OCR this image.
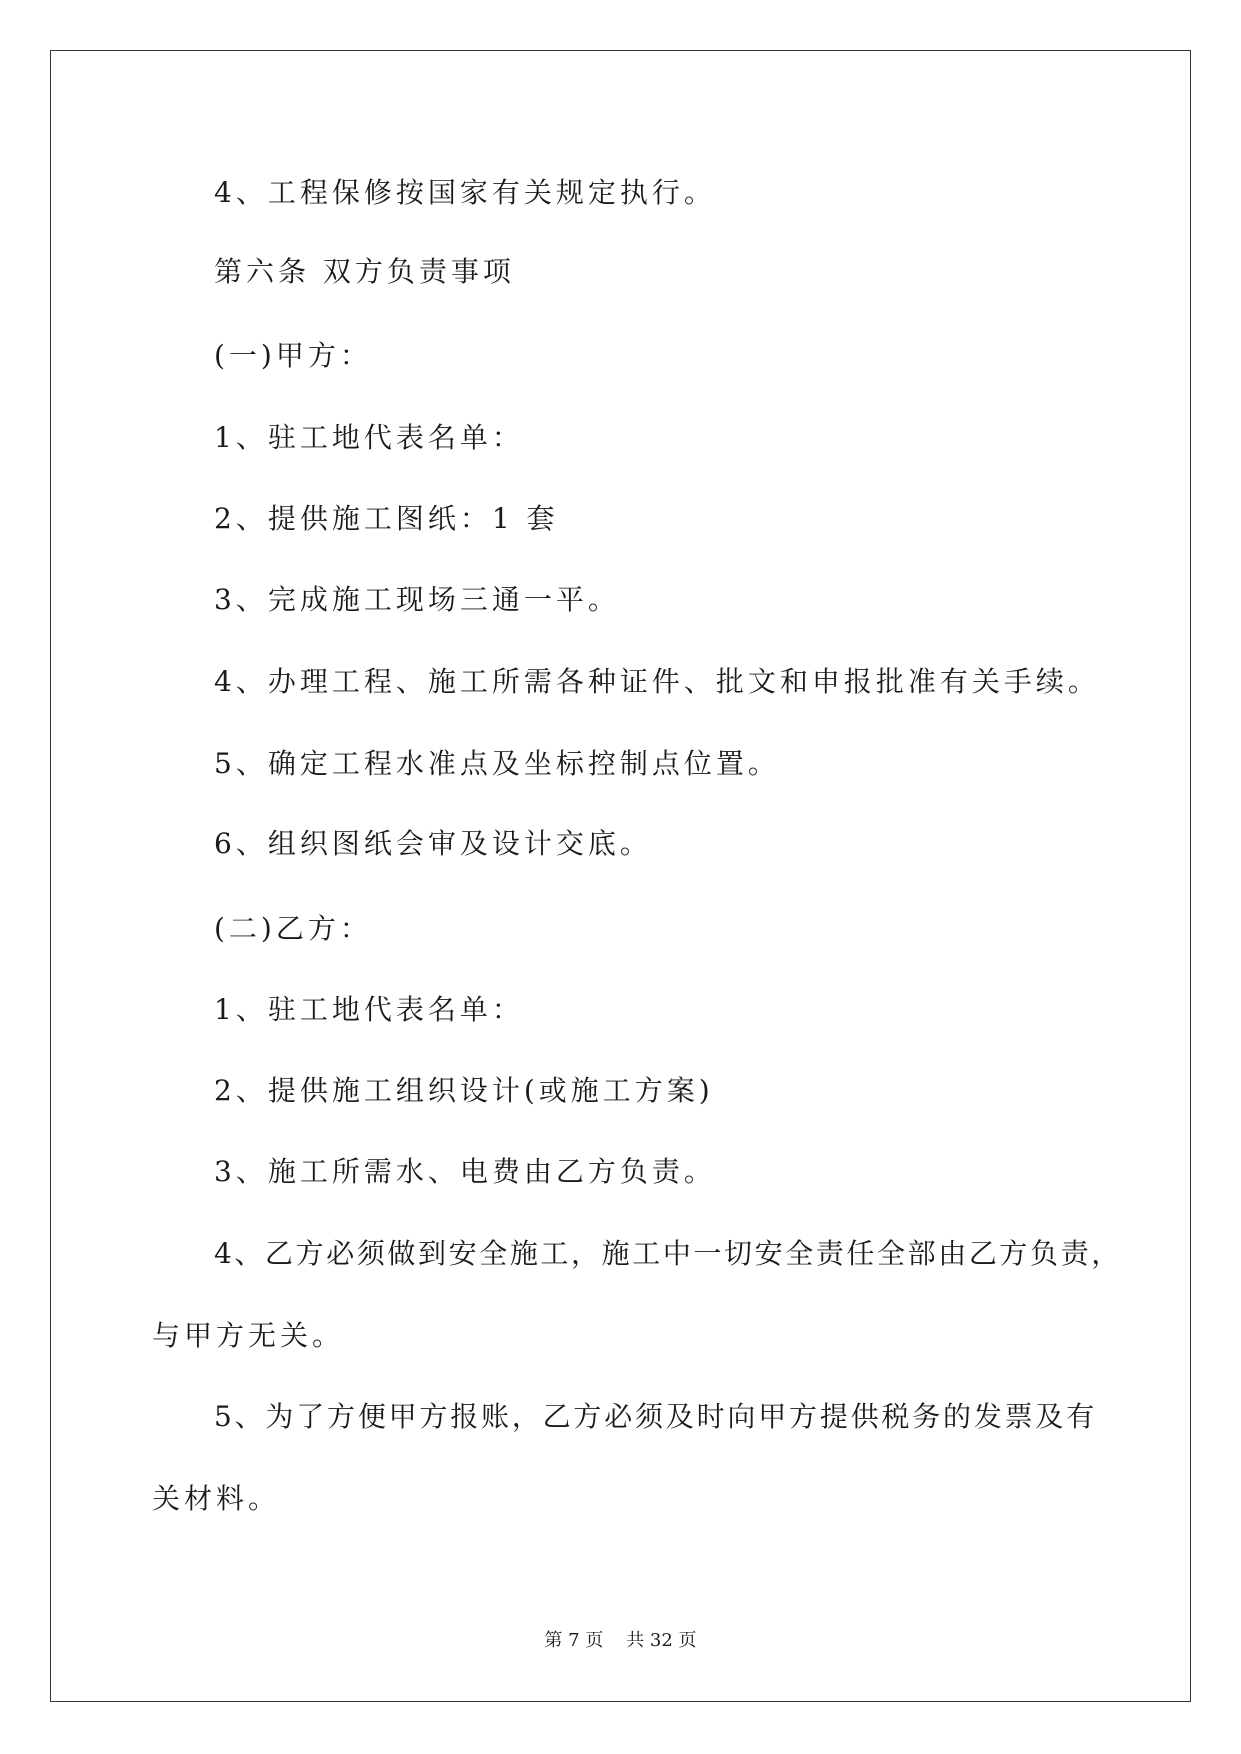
4、工程保修按国家有关规定执行。
第六条 双方负责事项
(一)甲方：
1、驻工地代表名单：
2、提供施工图纸：1 套
3、完成施工现场三通一平。
4、办理工程、施工所需各种证件、批文和申报批准有关手续。
5、确定工程水准点及坐标控制点位置。
6、组织图纸会审及设计交底。
(二)乙方：
1、驻工地代表名单：
2、提供施工组织设计(或施工方案)
3、施工所需水、电费由乙方负责。
4、乙方必须做到安全施工，施工中一切安全责任全部由乙方负责，
与甲方无关。
5、为了方便甲方报账，乙方必须及时向甲方提供税务的发票及有
关材料。
第 7 页    共 32 页
